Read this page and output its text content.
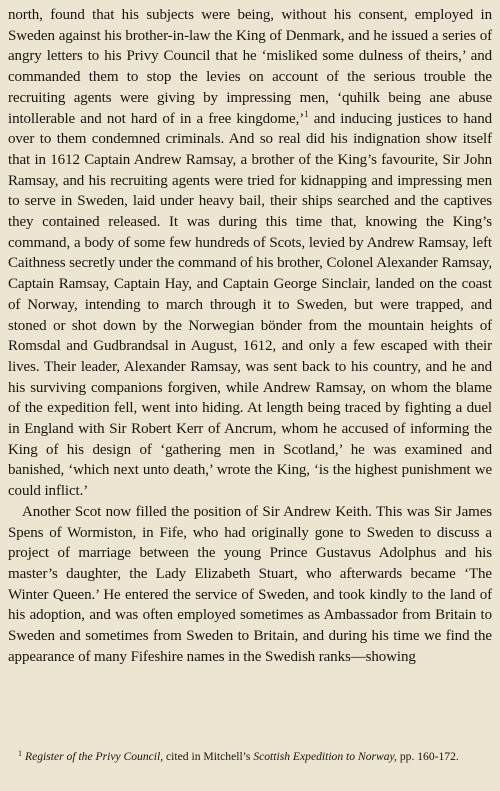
north, found that his subjects were being, without his consent, employed in Sweden against his brother-in-law the King of Denmark, and he issued a series of angry letters to his Privy Council that he ‘misliked some dulness of theirs,’ and commanded them to stop the levies on account of the serious trouble the recruiting agents were giving by impressing men, ‘quhilk being ane abuse intollerable and not hard of in a free kingdome,’$^1$ and inducing justices to hand over to them condemned criminals. And so real did his indignation show itself that in 1612 Captain Andrew Ramsay, a brother of the King’s favourite, Sir John Ramsay, and his recruiting agents were tried for kidnapping and impressing men to serve in Sweden, laid under heavy bail, their ships searched and the captives they contained released. It was during this time that, knowing the King’s command, a body of some few hundreds of Scots, levied by Andrew Ramsay, left Caithness secretly under the command of his brother, Colonel Alexander Ramsay, Captain Ramsay, Captain Hay, and Captain George Sinclair, landed on the coast of Norway, intending to march through it to Sweden, but were trapped, and stoned or shot down by the Norwegian bönder from the mountain heights of Romsdal and Gudbrandsal in August, 1612, and only a few escaped with their lives. Their leader, Alexander Ramsay, was sent back to his country, and he and his surviving companions forgiven, while Andrew Ramsay, on whom the blame of the expedition fell, went into hiding. At length being traced by fighting a duel in England with Sir Robert Kerr of Ancrum, whom he accused of informing the King of his design of ‘gathering men in Scotland,’ he was examined and banished, ‘which next unto death,’ wrote the King, ‘is the highest punishment we could inflict.’

Another Scot now filled the position of Sir Andrew Keith. This was Sir James Spens of Wormiston, in Fife, who had originally gone to Sweden to discuss a project of marriage between the young Prince Gustavus Adolphus and his master’s daughter, the Lady Elizabeth Stuart, who afterwards became ‘The Winter Queen.’ He entered the service of Sweden, and took kindly to the land of his adoption, and was often employed sometimes as Ambassador from Britain to Sweden and sometimes from Sweden to Britain, and during his time we find the appearance of many Fifeshire names in the Swedish ranks—showing

$^1$ Register of the Privy Council, cited in Mitchell’s Scottish Expedition to Norway, pp. 160-172.
